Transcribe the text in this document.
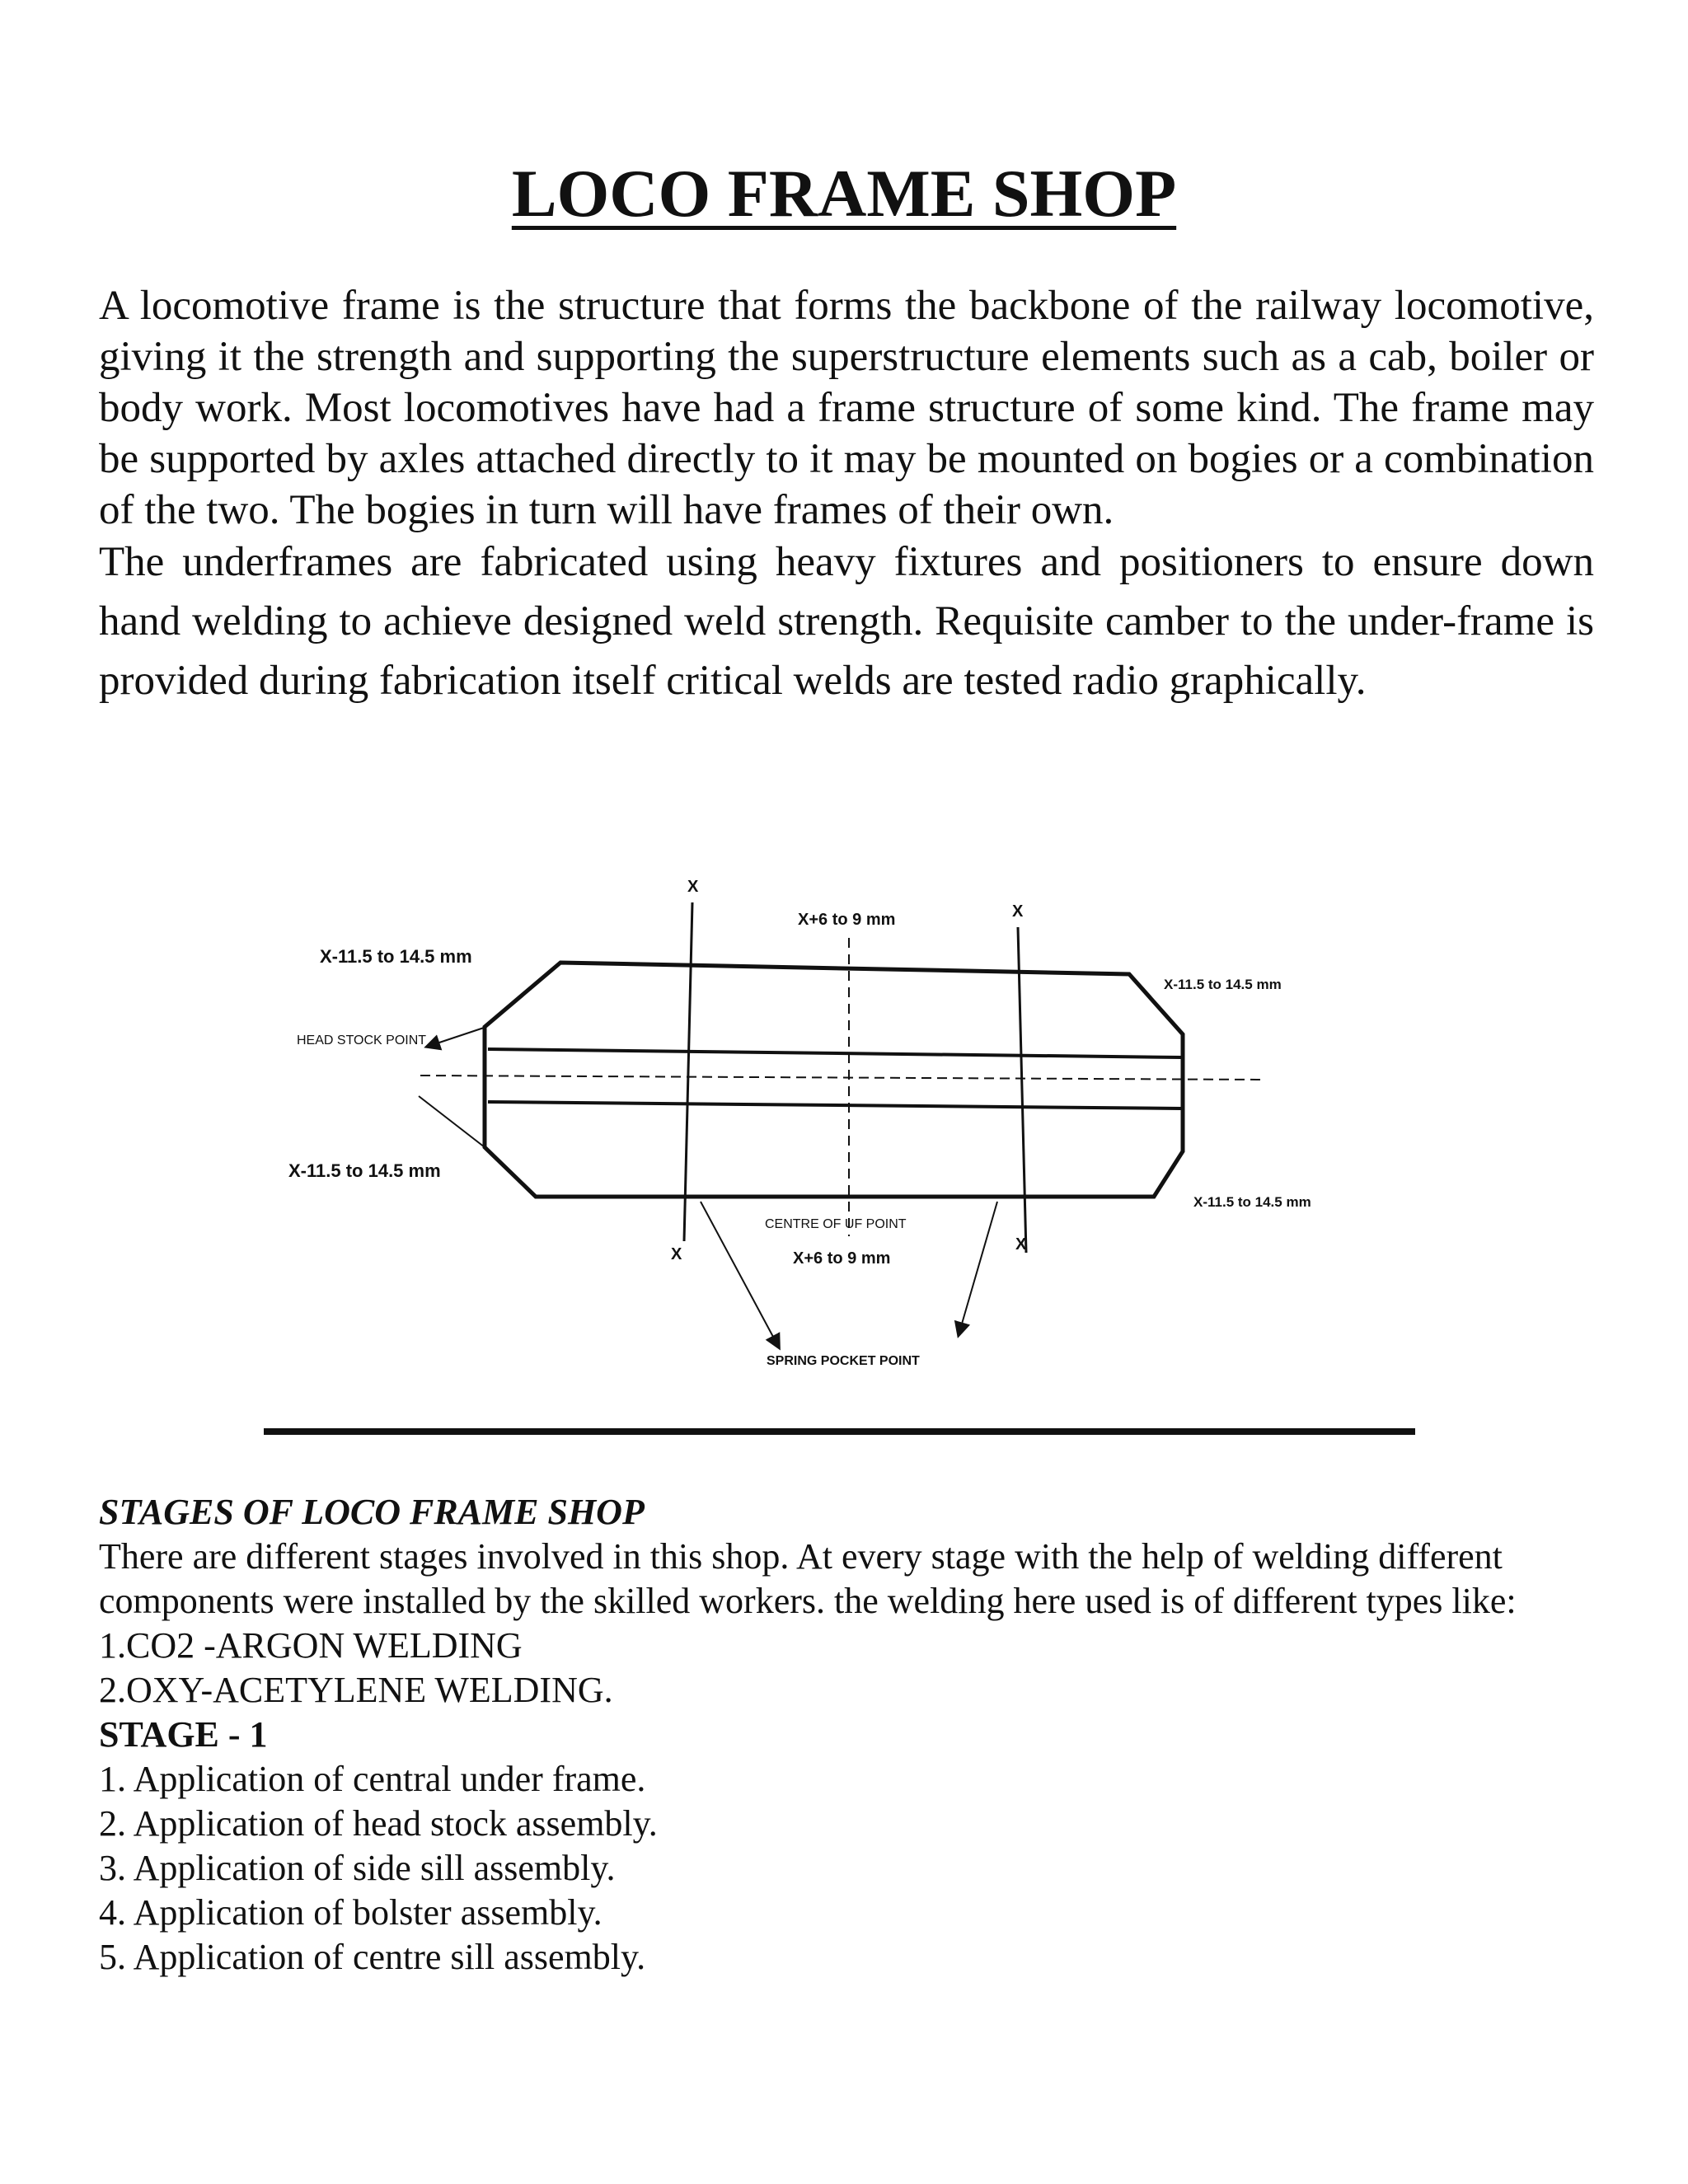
LOCO FRAME SHOP

A locomotive frame is the structure that forms the backbone of the railway locomotive, giving it the strength and supporting the superstructure elements such as a cab, boiler or body work. Most locomotives have had a frame structure of some kind. The frame may be supported by axles attached directly to it may be mounted on bogies or a combination of the two. The bogies in turn will have frames of their own.

The underframes are fabricated using heavy fixtures and positioners to ensure down hand welding to achieve designed weld strength. Requisite camber to the under-frame is provided during fabrication itself critical welds are tested radio graphically.

X
X
X+6 to 9 mm
X-11.5 to 14.5 mm
X-11.5 to 14.5 mm
HEAD STOCK POINT
X-11.5 to 14.5 mm
X-11.5 to 14.5 mm
CENTRE OF UF POINT
X
X
X+6 to 9 mm
SPRING POCKET POINT
STAGES OF LOCO FRAME SHOP
There are different stages involved in this shop. At every stage with the help of welding different components were installed by the skilled workers. the welding here used is of different types like:
1.CO2 -ARGON WELDING
2.OXY-ACETYLENE WELDING.
STAGE - 1
1. Application of central under frame.
2. Application of head stock assembly.
3. Application of side sill assembly.
4. Application of bolster assembly.
5. Application of centre sill assembly.
